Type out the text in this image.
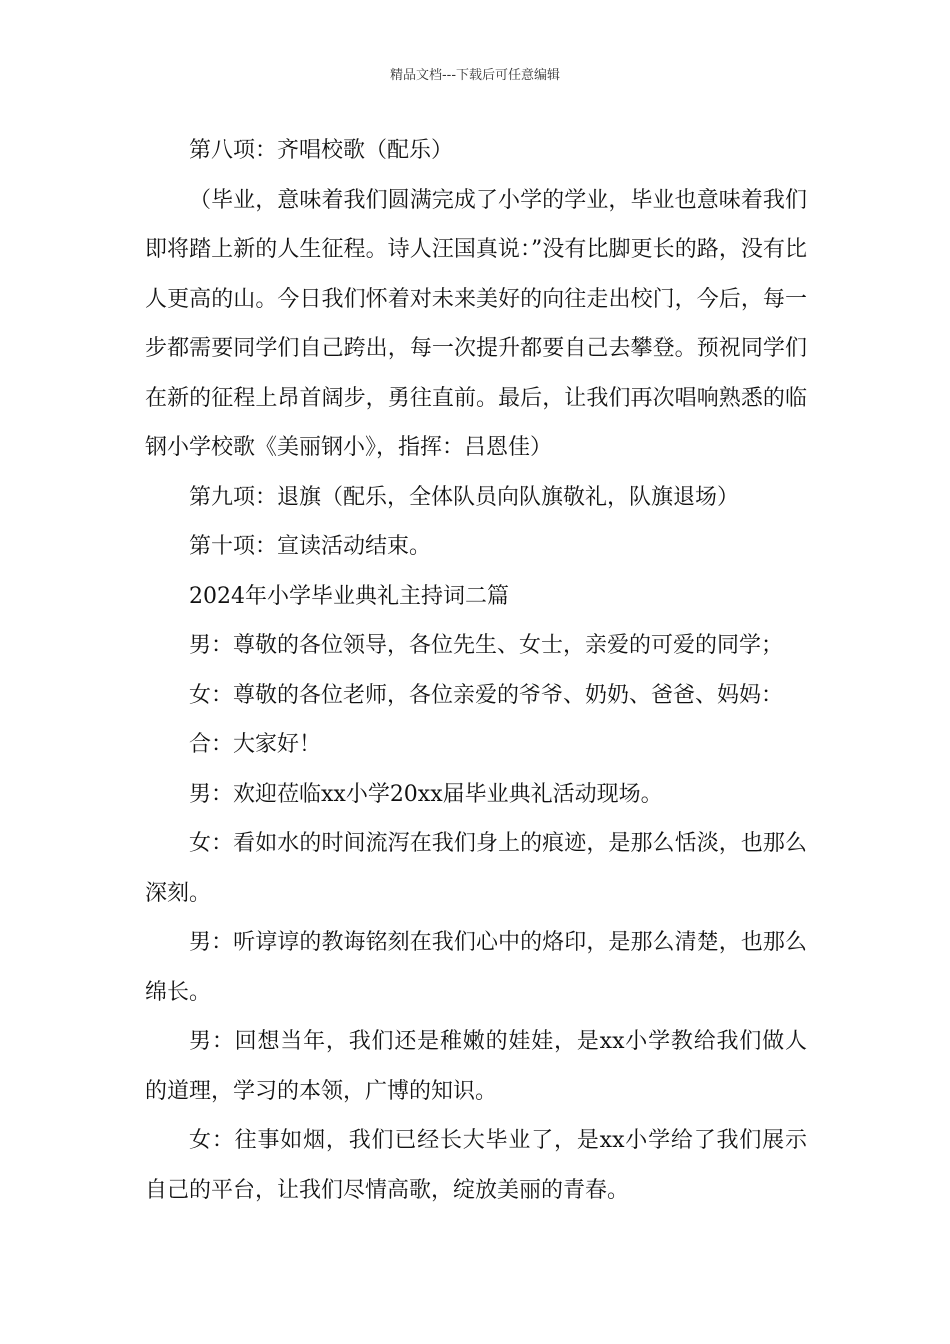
精品文档---下载后可任意编辑

第八项：齐唱校歌（配乐）

（毕业，意味着我们圆满完成了小学的学业，毕业也意味着我们即将踏上新的人生征程。诗人汪国真说：”没有比脚更长的路，没有比人更高的山。今日我们怀着对未来美好的向往走出校门，今后，每一步都需要同学们自己跨出，每一次提升都要自己去攀登。预祝同学们在新的征程上昂首阔步，勇往直前。最后，让我们再次唱响熟悉的临钢小学校歌《美丽钢小》，指挥：吕恩佳）

第九项：退旗（配乐，全体队员向队旗敬礼，队旗退场）

第十项：宣读活动结束。

2024年小学毕业典礼主持词二篇

男：尊敬的各位领导，各位先生、女士，亲爱的可爱的同学；

女：尊敬的各位老师，各位亲爱的爷爷、奶奶、爸爸、妈妈：

合：大家好！

男：欢迎莅临xx小学20xx届毕业典礼活动现场。

女：看如水的时间流泻在我们身上的痕迹，是那么恬淡，也那么深刻。

男：听谆谆的教诲铭刻在我们心中的烙印，是那么清楚，也那么绵长。

男：回想当年，我们还是稚嫩的娃娃，是xx小学教给我们做人的道理，学习的本领，广博的知识。

女：往事如烟，我们已经长大毕业了，是xx小学给了我们展示自己的平台，让我们尽情高歌，绽放美丽的青春。
